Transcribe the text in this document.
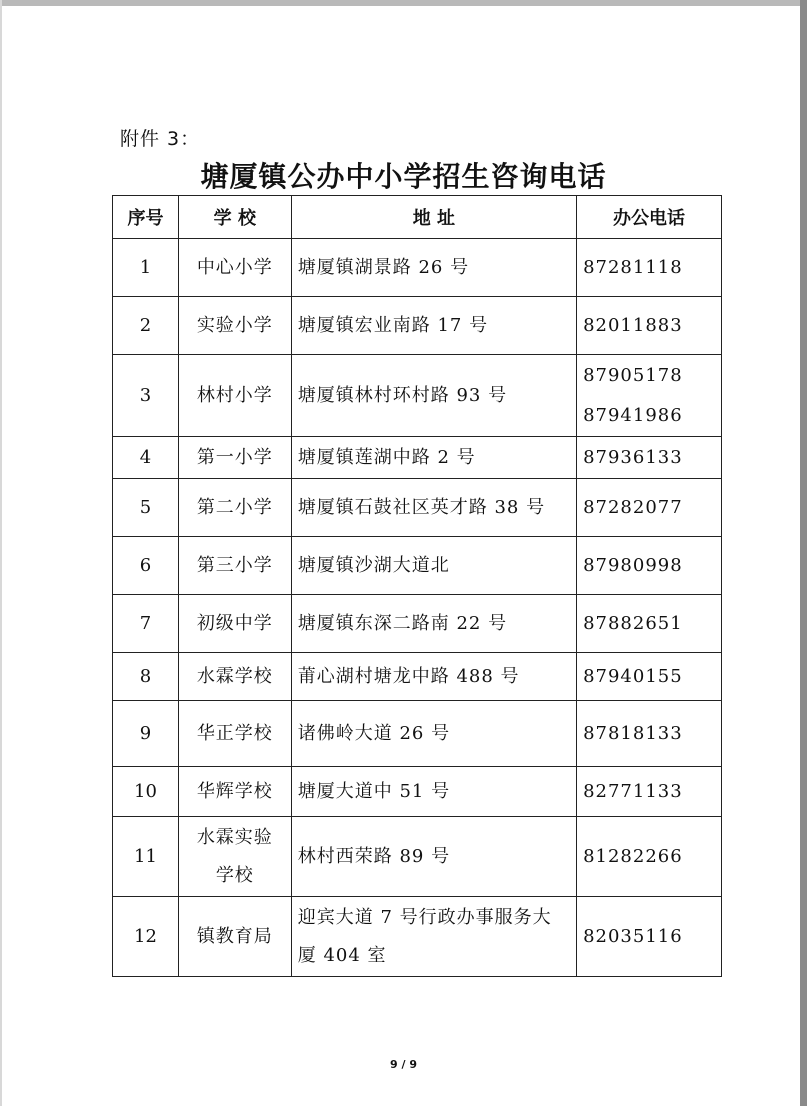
附件 3：
塘厦镇公办中小学招生咨询电话
序号	学 校	地 址	办公电话
1	中心小学	塘厦镇湖景路 26 号	87281118

2	实验小学	塘厦镇宏业南路 17 号	82011883

3	林村小学	塘厦镇林村环村路 93 号	87905178
87941986

4	第一小学	塘厦镇莲湖中路 2 号	87936133

5	第二小学	塘厦镇石鼓社区英才路 38 号	87282077

6	第三小学	塘厦镇沙湖大道北	87980998

7	初级中学	塘厦镇东深二路南 22 号	87882651

8	水霖学校	莆心湖村塘龙中路 488 号	87940155

9	华正学校	诸佛岭大道 26 号	87818133

10	华辉学校	塘厦大道中 51 号	82771133

11	水霖实验学校	林村西荣路 89 号	81282266

12	镇教育局	迎宾大道 7 号行政办事服务大厦 404 室	82035116
9 / 9
